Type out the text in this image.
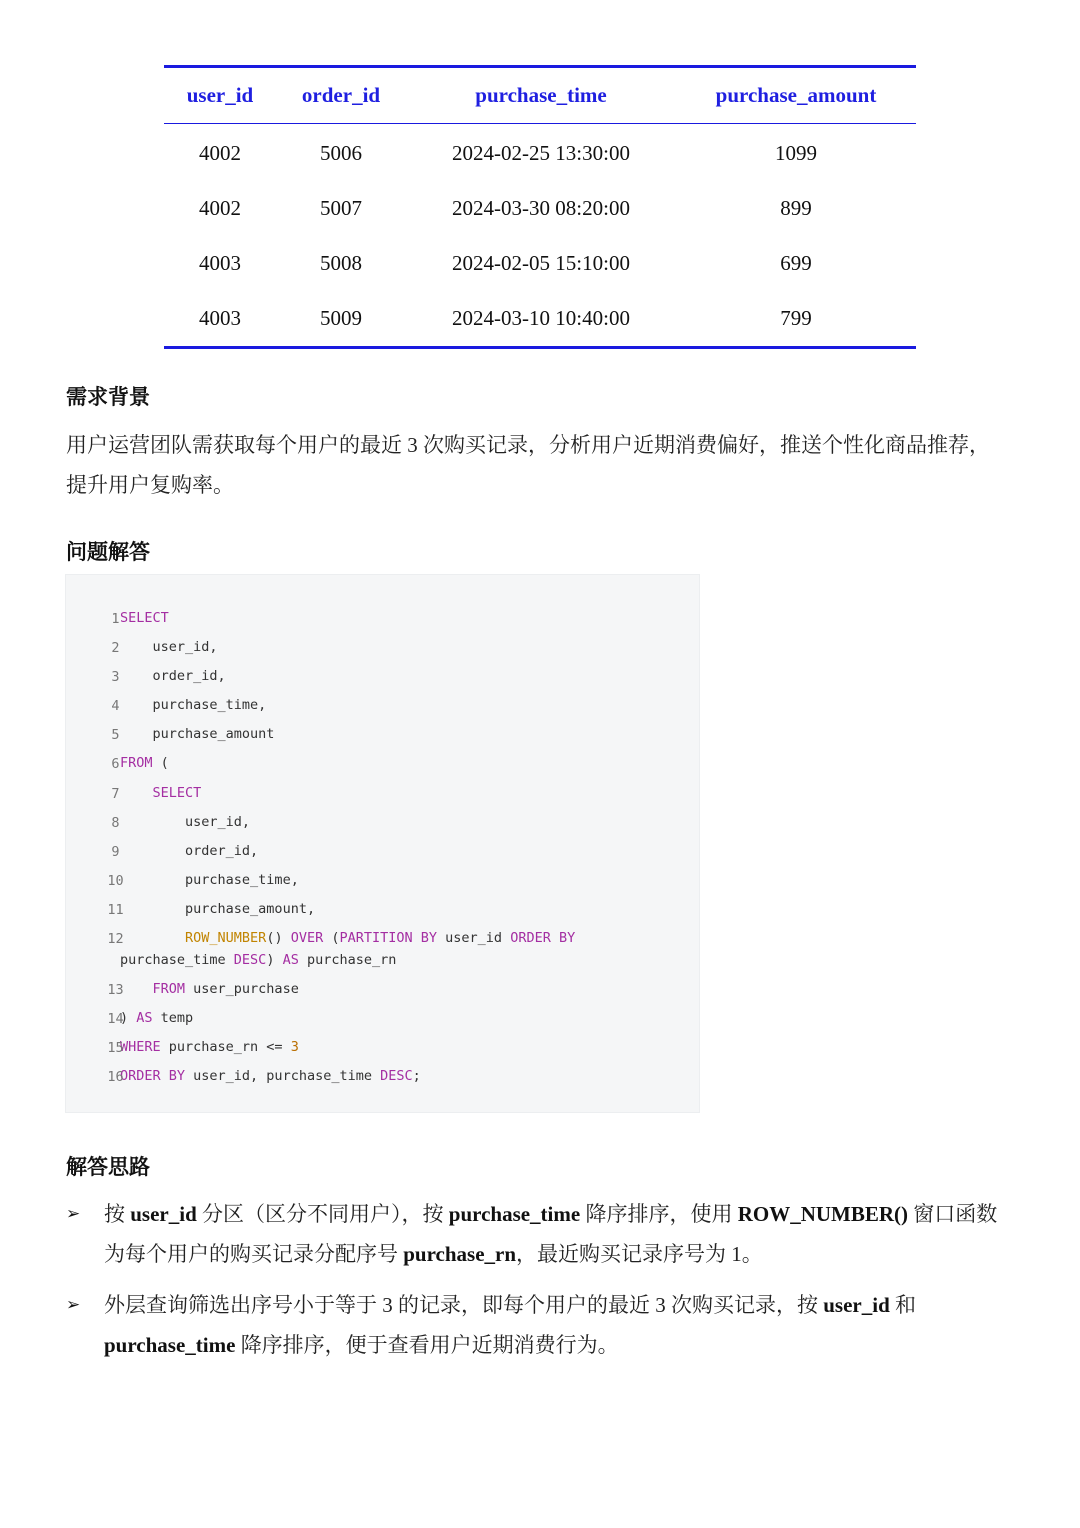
user_id	order_id	purchase_time	purchase_amount
4002	5006	2024-02-25 13:30:00	1099
4002	5007	2024-03-30 08:20:00	899
4003	5008	2024-02-05 15:10:00	699
4003	5009	2024-03-10 10:40:00	799
需求背景

用户运营团队需获取每个用户的最近 3 次购买记录，分析用户近期消费偏好，推送个性化商品推荐，提升用户复购率。

问题解答
1 SELECT
2 user_id,
3 order_id,
4 purchase_time,
5 purchase_amount
6 FROM (
7	SELECT
8 user_id,
9 order_id,
10
purchase_time,
11
purchase_amount,
12	ROW_NUMBER() OVER (PARTITION BY user_id ORDER BY
purchase_time DESC) AS purchase_rn
13	FROM user_purchase
14
) AS temp
15
WHERE purchase_rn <= 3
16
ORDER BY user_id, purchase_time DESC;
解答思路
➢ 按 user_id 分区（区分不同用户），按 purchase_time 降序排序，使用 ROW_NUMBER() 窗口函数为每个用户的购买记录分配序号 purchase_rn，最近购买记录序号为 1。
➢ 外层查询筛选出序号小于等于 3 的记录，即每个用户的最近 3 次购买记录，按 user_id 和 purchase_time 降序排序，便于查看用户近期消费行为。
